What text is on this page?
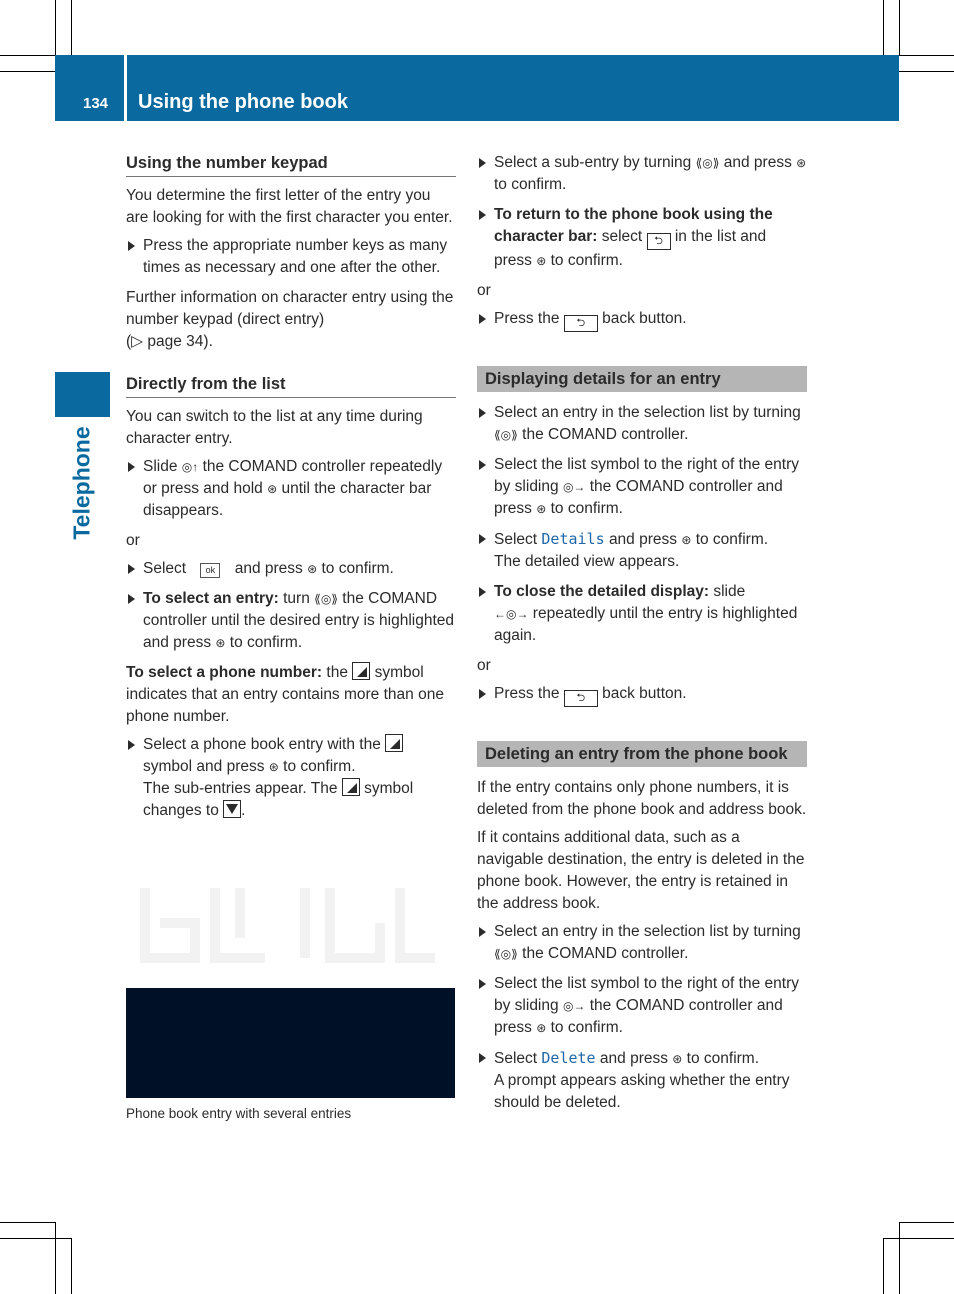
134 Using the phone book
Telephone
Using the number keypad

You determine the first letter of the entry you are looking for with the first character you enter.

Press the appropriate number keys as many times as necessary and one after the other.

Further information on character entry using the number keypad (direct entry)
(▷ page 34).

Directly from the list

You can switch to the list at any time during character entry.

Slide ◎↑ the COMAND controller repeatedly or press and hold ⊛ until the character bar disappears.

or

Select ok and press ⊛ to confirm.
To select an entry: turn ⟪◎⟫ the COMAND controller until the desired entry is highlighted and press ⊛ to confirm.

To select a phone number: the symbol indicates that an entry contains more than one phone number.

Select a phone book entry with the  symbol and press ⊛ to confirm.
The sub-entries appear. The symbol changes to .
Phone book entry with several entries
Select a sub-entry by turning ⟪◎⟫ and press ⊛ to confirm.
To return to the phone book using the character bar: select ⮌ in the list and press ⊛ to confirm.

or

Press the ⮌ back button.
Displaying details for an entry
Select an entry in the selection list by turning ⟪◎⟫ the COMAND controller.
Select the list symbol to the right of the entry by sliding ◎→ the COMAND controller and press ⊛ to confirm.
Select Details and press ⊛ to confirm.
The detailed view appears.
To close the detailed display: slide
←◎→ repeatedly until the entry is highlighted again.

or

Press the ⮌ back button.
Deleting an entry from the phone book

If the entry contains only phone numbers, it is deleted from the phone book and address book.

If it contains additional data, such as a navigable destination, the entry is deleted in the phone book. However, the entry is retained in the address book.

Select an entry in the selection list by turning ⟪◎⟫ the COMAND controller.
Select the list symbol to the right of the entry by sliding ◎→ the COMAND controller and press ⊛ to confirm.
Select Delete and press ⊛ to confirm.
A prompt appears asking whether the entry should be deleted.
